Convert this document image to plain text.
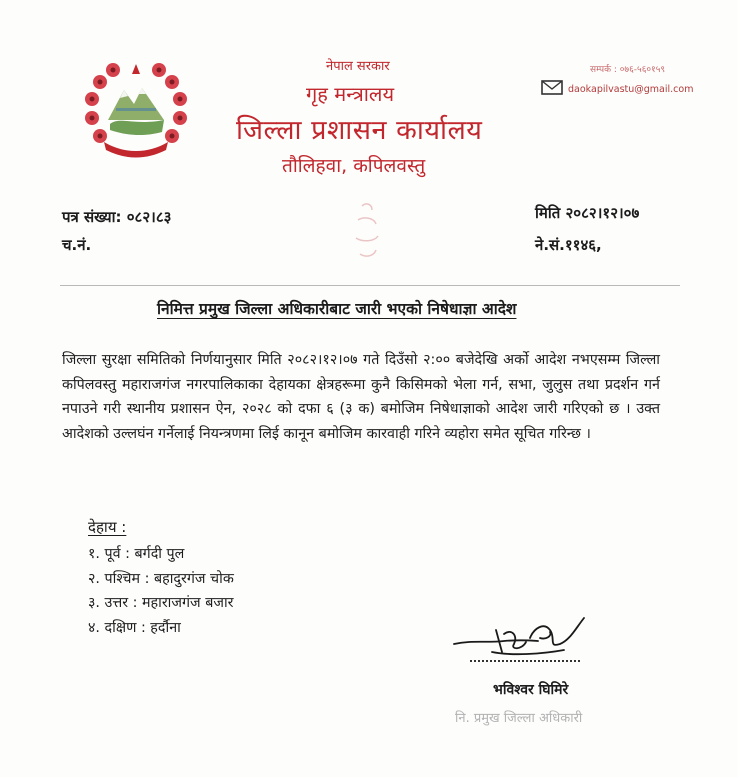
नेपाल सरकार
गृह मन्त्रालय
जिल्ला प्रशासन कार्यालय
तौलिहवा, कपिलवस्तु
सम्पर्क : ०७६-५६०१५९
daokapilvastu@gmail.com
पत्र संख्या: ०८२।८३
च.नं.
मिति २०८२।१२।०७
ने.सं.११४६,
निमित्त प्रमुख जिल्ला अधिकारीबाट जारी भएको निषेधाज्ञा आदेश
जिल्ला सुरक्षा समितिको निर्णयानुसार मिति २०८२।१२।०७ गते दिउँसो २:०० बजेदेखि अर्को आदेश नभएसम्म जिल्ला कपिलवस्तु महाराजगंज नगरपालिकाका देहायका क्षेत्रहरूमा कुनै किसिमको भेला गर्न, सभा, जुलुस तथा प्रदर्शन गर्न नपाउने गरी स्थानीय प्रशासन ऐन, २०२८ को दफा ६ (३ क) बमोजिम निषेधाज्ञाको आदेश जारी गरिएको छ । उक्त आदेशको उल्लघंन गर्नेलाई नियन्त्रणमा लिई कानून बमोजिम कारवाही गरिने व्यहोरा समेत सूचित गरिन्छ ।
देहाय :
१. पूर्व : बर्गदी पुल
२. पश्चिम : बहादुरगंज चोक
३. उत्तर : महाराजगंज बजार
४. दक्षिण : हर्दौना
भविश्वर घिमिरे
नि. प्रमुख जिल्ला अधिकारी
